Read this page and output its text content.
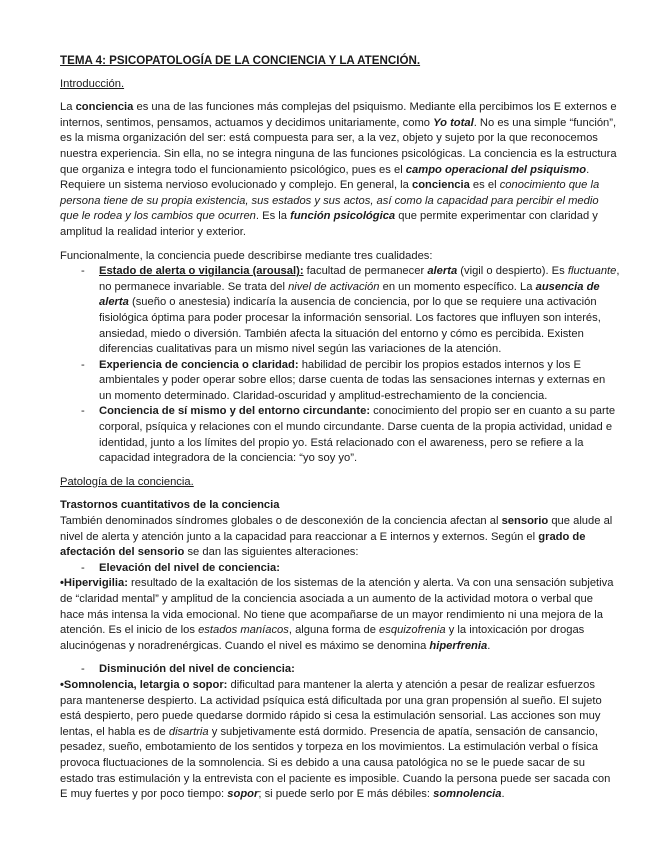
TEMA 4: PSICOPATOLOGÍA DE LA CONCIENCIA Y LA ATENCIÓN.

Introducción.

La conciencia es una de las funciones más complejas del psiquismo. Mediante ella percibimos los E externos e internos, sentimos, pensamos, actuamos y decidimos unitariamente, como Yo total. No es una simple “función”, es la misma organización del ser: está compuesta para ser, a la vez, objeto y sujeto por la que reconocemos nuestra experiencia. Sin ella, no se integra ninguna de las funciones psicológicas. La conciencia es la estructura que organiza e integra todo el funcionamiento psicológico, pues es el campo operacional del psiquismo. Requiere un sistema nervioso evolucionado y complejo. En general, la conciencia es el conocimiento que la persona tiene de su propia existencia, sus estados y sus actos, así como la capacidad para percibir el medio que le rodea y los cambios que ocurren. Es la función psicológica que permite experimentar con claridad y amplitud la realidad interior y exterior.

Funcionalmente, la conciencia puede describirse mediante tres cualidades:

- Estado de alerta o vigilancia (arousal): facultad de permanecer alerta (vigil o despierto). Es fluctuante, no permanece invariable. Se trata del nivel de activación en un momento específico. La ausencia de alerta (sueño o anestesia) indicaría la ausencia de conciencia, por lo que se requiere una activación fisiológica óptima para poder procesar la información sensorial. Los factores que influyen son interés, ansiedad, miedo o diversión. También afecta la situación del entorno y cómo es percibida. Existen diferencias cualitativas para un mismo nivel según las variaciones de la atención.
- Experiencia de conciencia o claridad: habilidad de percibir los propios estados internos y los E ambientales y poder operar sobre ellos; darse cuenta de todas las sensaciones internas y externas en un momento determinado. Claridad-oscuridad y amplitud-estrechamiento de la conciencia.
- Conciencia de sí mismo y del entorno circundante: conocimiento del propio ser en cuanto a su parte corporal, psíquica y relaciones con el mundo circundante. Darse cuenta de la propia actividad, unidad e identidad, junto a los límites del propio yo. Está relacionado con el awareness, pero se refiere a la capacidad integradora de la conciencia: “yo soy yo”.

Patología de la conciencia.

Trastornos cuantitativos de la conciencia

También denominados síndromes globales o de desconexión de la conciencia afectan al sensorio que alude al nivel de alerta y atención junto a la capacidad para reaccionar a E internos y externos. Según el grado de afectación del sensorio se dan las siguientes alteraciones:

- Elevación del nivel de conciencia:

•Hipervigilia: resultado de la exaltación de los sistemas de la atención y alerta. Va con una sensación subjetiva de “claridad mental” y amplitud de la conciencia asociada a un aumento de la actividad motora o verbal que hace más intensa la vida emocional. No tiene que acompañarse de un mayor rendimiento ni una mejora de la atención. Es el inicio de los estados maníacos, alguna forma de esquizofrenia y la intoxicación por drogas alucinógenas y noradrenérgicas. Cuando el nivel es máximo se denomina hiperfrenia.

- Disminución del nivel de conciencia:

•Somnolencia, letargia o sopor: dificultad para mantener la alerta y atención a pesar de realizar esfuerzos para mantenerse despierto. La actividad psíquica está dificultada por una gran propensión al sueño. El sujeto está despierto, pero puede quedarse dormido rápido si cesa la estimulación sensorial. Las acciones son muy lentas, el habla es de disartria y subjetivamente está dormido. Presencia de apatía, sensación de cansancio, pesadez, sueño, embotamiento de los sentidos y torpeza en los movimientos. La estimulación verbal o física provoca fluctuaciones de la somnolencia. Si es debido a una causa patológica no se le puede sacar de su estado tras estimulación y la entrevista con el paciente es imposible. Cuando la persona puede ser sacada con E muy fuertes y por poco tiempo: sopor; si puede serlo por E más débiles: somnolencia.
